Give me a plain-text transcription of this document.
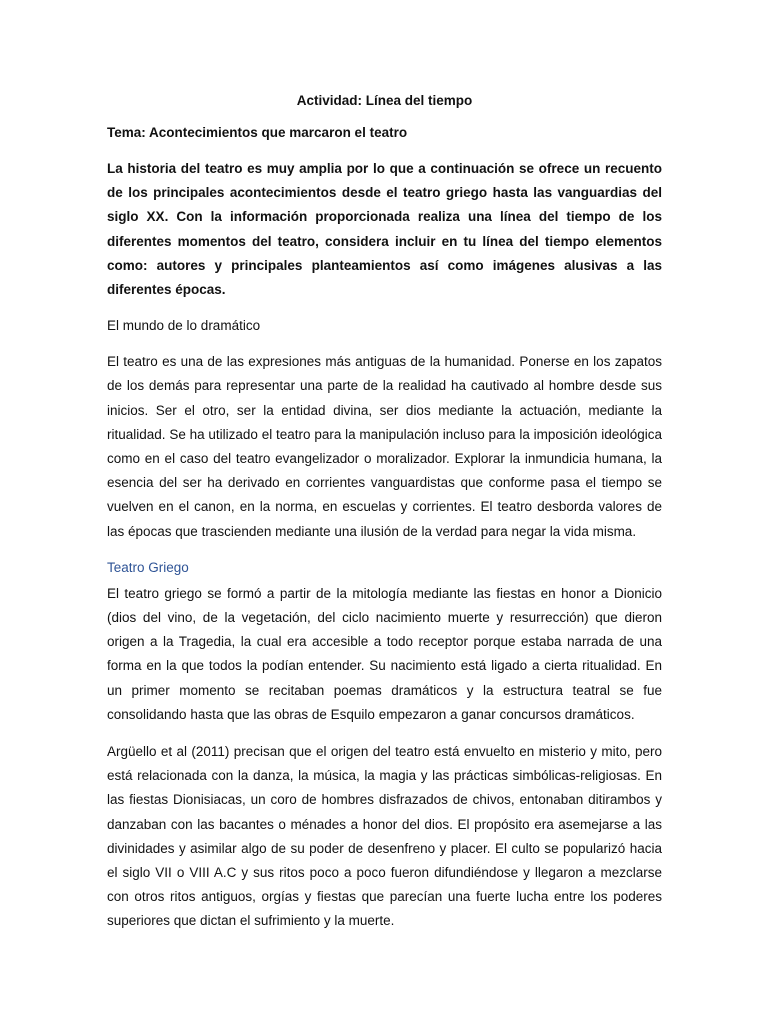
Actividad: Línea del tiempo

Tema: Acontecimientos que marcaron el teatro

La historia del teatro es muy amplia por lo que a continuación se ofrece un recuento de los principales acontecimientos desde el teatro griego hasta las vanguardias del siglo XX. Con la información proporcionada realiza una línea del tiempo de los diferentes momentos del teatro, considera incluir en tu línea del tiempo elementos como: autores y principales planteamientos así como imágenes alusivas a las diferentes épocas.

El mundo de lo dramático

El teatro es una de las expresiones más antiguas de la humanidad. Ponerse en los zapatos de los demás para representar una parte de la realidad ha cautivado al hombre desde sus inicios. Ser el otro, ser la entidad divina, ser dios mediante la actuación, mediante la ritualidad. Se ha utilizado el teatro para la manipulación incluso para la imposición ideológica como en el caso del teatro evangelizador o moralizador. Explorar la inmundicia humana, la esencia del ser ha derivado en corrientes vanguardistas que conforme pasa el tiempo se vuelven en el canon, en la norma, en escuelas y corrientes. El teatro desborda valores de las épocas que trascienden mediante una ilusión de la verdad para negar la vida misma.

Teatro Griego

El teatro griego se formó a partir de la mitología mediante las fiestas en honor a Dionicio (dios del vino, de la vegetación, del ciclo nacimiento muerte y resurrección) que dieron origen a la Tragedia, la cual era accesible a todo receptor porque estaba narrada de una forma en la que todos la podían entender. Su nacimiento está ligado a cierta ritualidad. En un primer momento se recitaban poemas dramáticos y la estructura teatral se fue consolidando hasta que las obras de Esquilo empezaron a ganar concursos dramáticos.

Argüello et al (2011) precisan que el origen del teatro está envuelto en misterio y mito, pero está relacionada con la danza, la música, la magia y las prácticas simbólicas-religiosas. En las fiestas Dionisiacas, un coro de hombres disfrazados de chivos, entonaban ditirambos y danzaban con las bacantes o ménades a honor del dios. El propósito era asemejarse a las divinidades y asimilar algo de su poder de desenfreno y placer. El culto se popularizó hacia el siglo VII o VIII A.C y sus ritos poco a poco fueron difundiéndose y llegaron a mezclarse con otros ritos antiguos, orgías y fiestas que parecían una fuerte lucha entre los poderes superiores que dictan el sufrimiento y la muerte.
